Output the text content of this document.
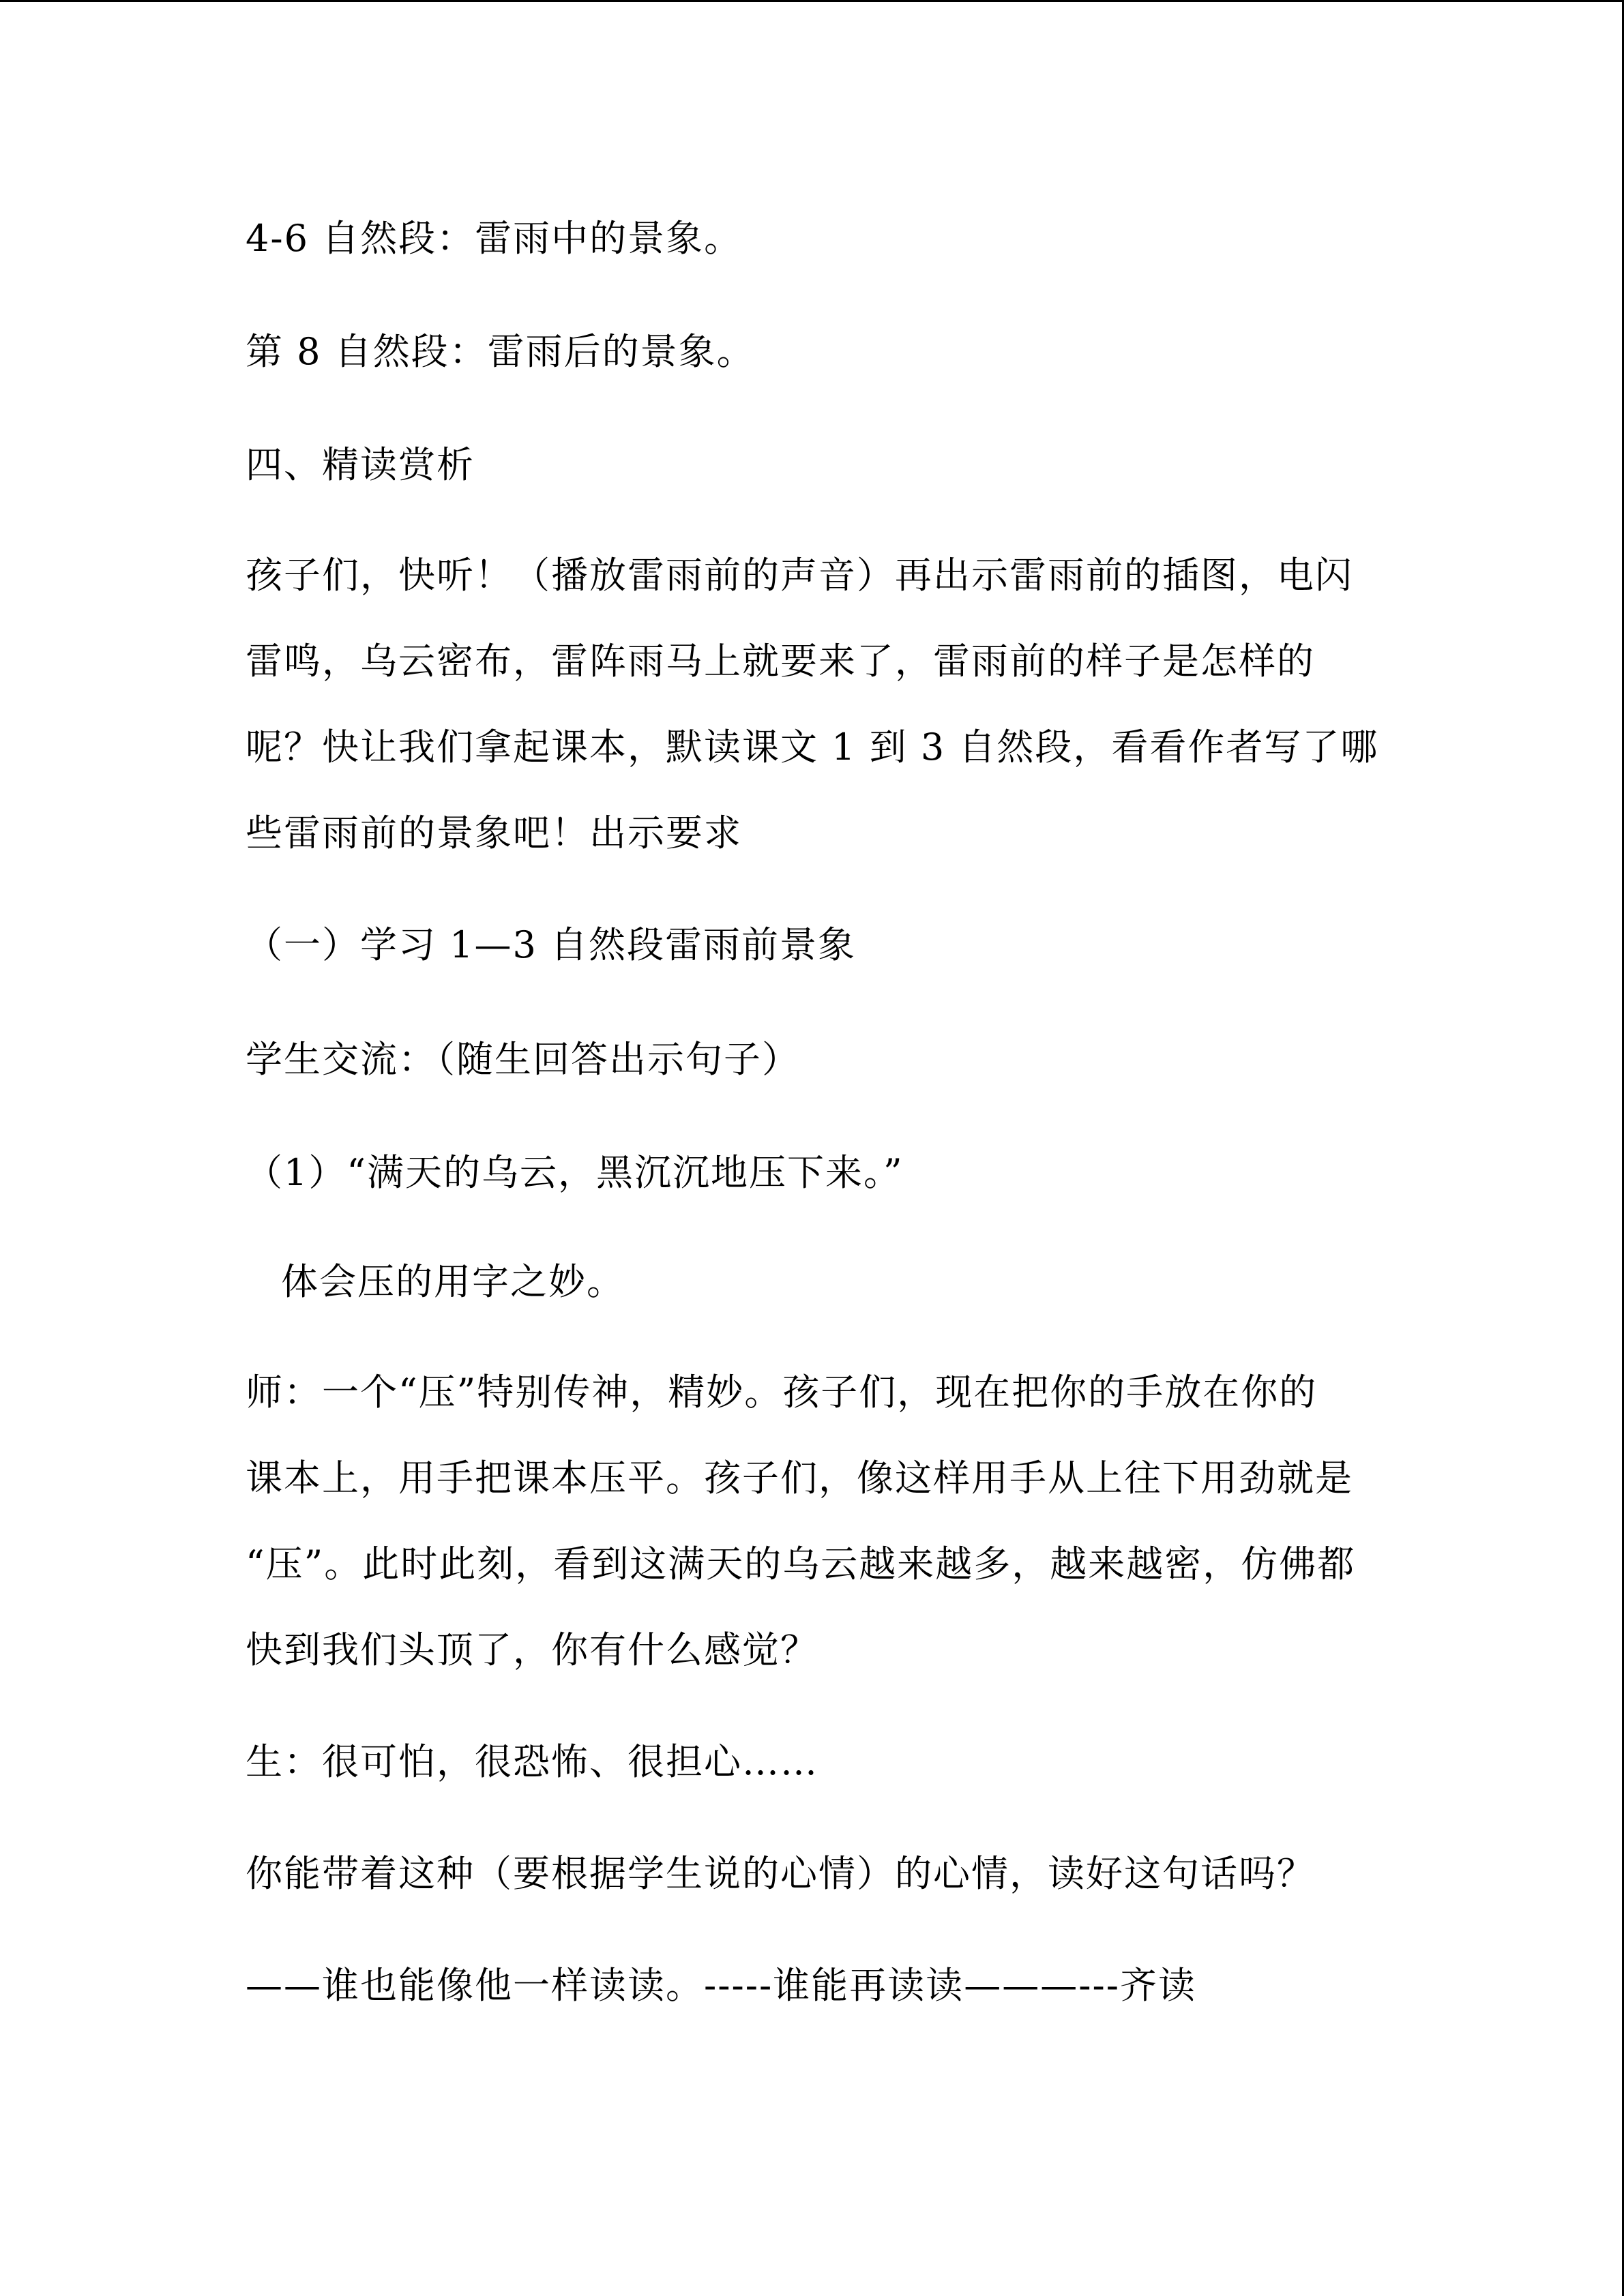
4-6 自然段：雷雨中的景象。
第 8 自然段：雷雨后的景象。
四、精读赏析
孩子们，快听！（播放雷雨前的声音）再出示雷雨前的插图，电闪
雷鸣，乌云密布，雷阵雨马上就要来了，雷雨前的样子是怎样的
呢？快让我们拿起课本，默读课文 1 到 3 自然段，看看作者写了哪
些雷雨前的景象吧！出示要求
（一）学习 1—3 自然段雷雨前景象
学生交流：（随生回答出示句子）
（1）“满天的乌云，黑沉沉地压下来。”
体会压的用字之妙。
师：一个“压”特别传神，精妙。孩子们，现在把你的手放在你的
课本上，用手把课本压平。孩子们，像这样用手从上往下用劲就是
“压”。此时此刻，看到这满天的乌云越来越多，越来越密，仿佛都
快到我们头顶了，你有什么感觉？
生：很可怕，很恐怖、很担心……
你能带着这种（要根据学生说的心情）的心情，读好这句话吗？
——谁也能像他一样读读。-----谁能再读读———---齐读
